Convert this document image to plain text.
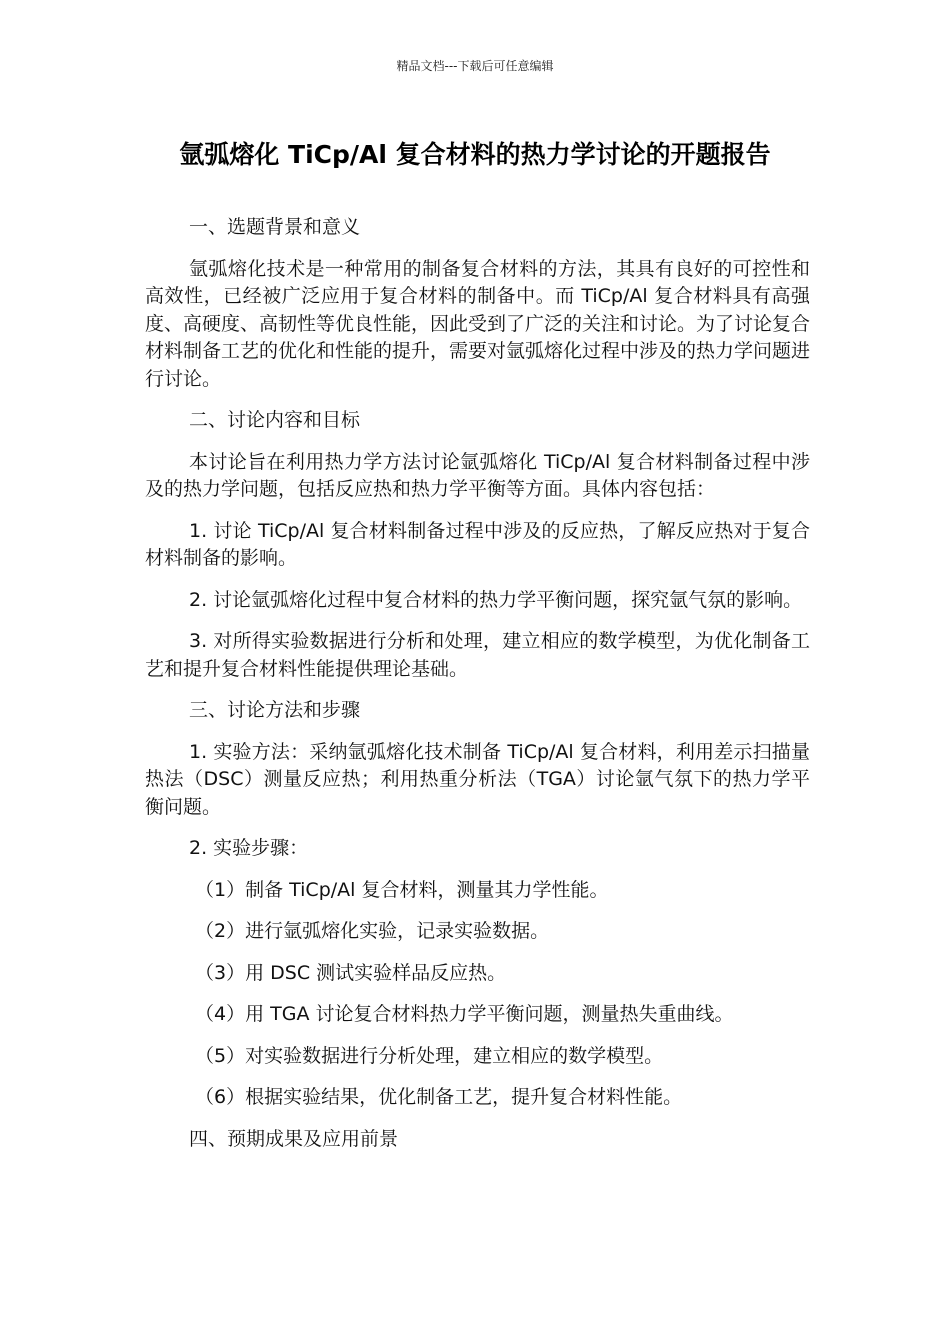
精品文档---下载后可任意编辑
氩弧熔化 TiCp/Al 复合材料的热力学讨论的开题报告

一、选题背景和意义

氩弧熔化技术是一种常用的制备复合材料的方法，其具有良好的可控性和高效性，已经被广泛应用于复合材料的制备中。而 TiCp/Al 复合材料具有高强度、高硬度、高韧性等优良性能，因此受到了广泛的关注和讨论。为了讨论复合材料制备工艺的优化和性能的提升，需要对氩弧熔化过程中涉及的热力学问题进行讨论。

二、讨论内容和目标

本讨论旨在利用热力学方法讨论氩弧熔化 TiCp/Al 复合材料制备过程中涉及的热力学问题，包括反应热和热力学平衡等方面。具体内容包括：

1. 讨论 TiCp/Al 复合材料制备过程中涉及的反应热，了解反应热对于复合材料制备的影响。

2. 讨论氩弧熔化过程中复合材料的热力学平衡问题，探究氩气氛的影响。

3. 对所得实验数据进行分析和处理，建立相应的数学模型，为优化制备工艺和提升复合材料性能提供理论基础。

三、讨论方法和步骤

1. 实验方法：采纳氩弧熔化技术制备 TiCp/Al 复合材料，利用差示扫描量热法（DSC）测量反应热；利用热重分析法（TGA）讨论氩气氛下的热力学平衡问题。

2. 实验步骤：

（1）制备 TiCp/Al 复合材料，测量其力学性能。

（2）进行氩弧熔化实验，记录实验数据。

（3）用 DSC 测试实验样品反应热。

（4）用 TGA 讨论复合材料热力学平衡问题，测量热失重曲线。

（5）对实验数据进行分析处理，建立相应的数学模型。

（6）根据实验结果，优化制备工艺，提升复合材料性能。

四、预期成果及应用前景
